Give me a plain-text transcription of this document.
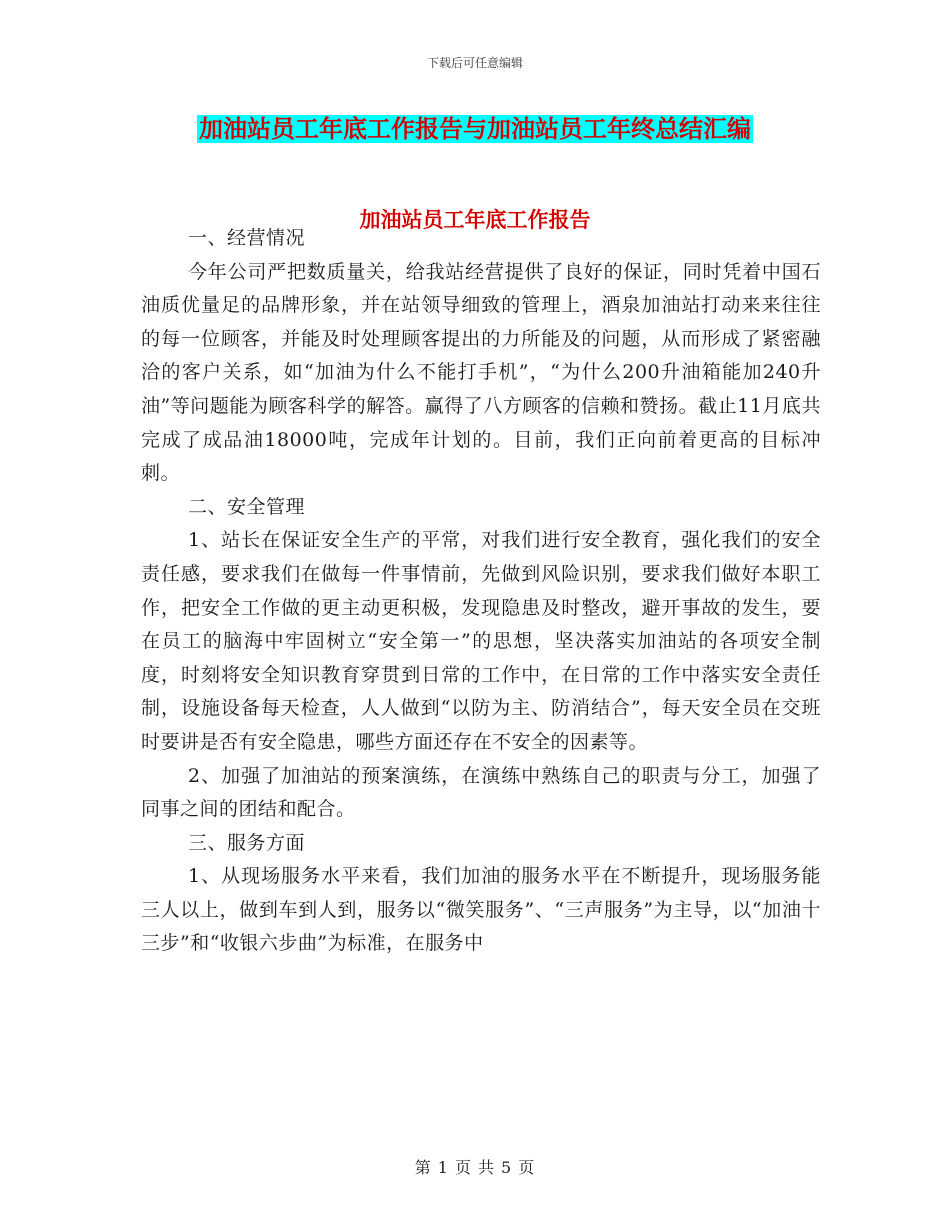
下载后可任意编辑
加油站员工年底工作报告与加油站员工年终总结汇编
加油站员工年底工作报告

一、经营情况

今年公司严把数质量关，给我站经营提供了良好的保证，同时凭着中国石油质优量足的品牌形象，并在站领导细致的管理上，酒泉加油站打动来来往往的每一位顾客，并能及时处理顾客提出的力所能及的问题，从而形成了紧密融洽的客户关系，如“加油为什么不能打手机”，“为什么200升油箱能加240升油”等问题能为顾客科学的解答。赢得了八方顾客的信赖和赞扬。截止11月底共完成了成品油18000吨，完成年计划的。目前，我们正向前着更高的目标冲刺。

二、安全管理

1、站长在保证安全生产的平常，对我们进行安全教育，强化我们的安全责任感，要求我们在做每一件事情前，先做到风险识别，要求我们做好本职工作，把安全工作做的更主动更积极，发现隐患及时整改，避开事故的发生，要在员工的脑海中牢固树立“安全第一”的思想，坚决落实加油站的各项安全制度，时刻将安全知识教育穿贯到日常的工作中，在日常的工作中落实安全责任制，设施设备每天检查，人人做到“以防为主、防消结合”，每天安全员在交班时要讲是否有安全隐患，哪些方面还存在不安全的因素等。

2、加强了加油站的预案演练，在演练中熟练自己的职责与分工，加强了同事之间的团结和配合。

三、服务方面

1、从现场服务水平来看，我们加油的服务水平在不断提升，现场服务能三人以上，做到车到人到，服务以“微笑服务”、“三声服务”为主导，以“加油十三步”和“收银六步曲”为标准，在服务中

第 1 页 共 5 页
